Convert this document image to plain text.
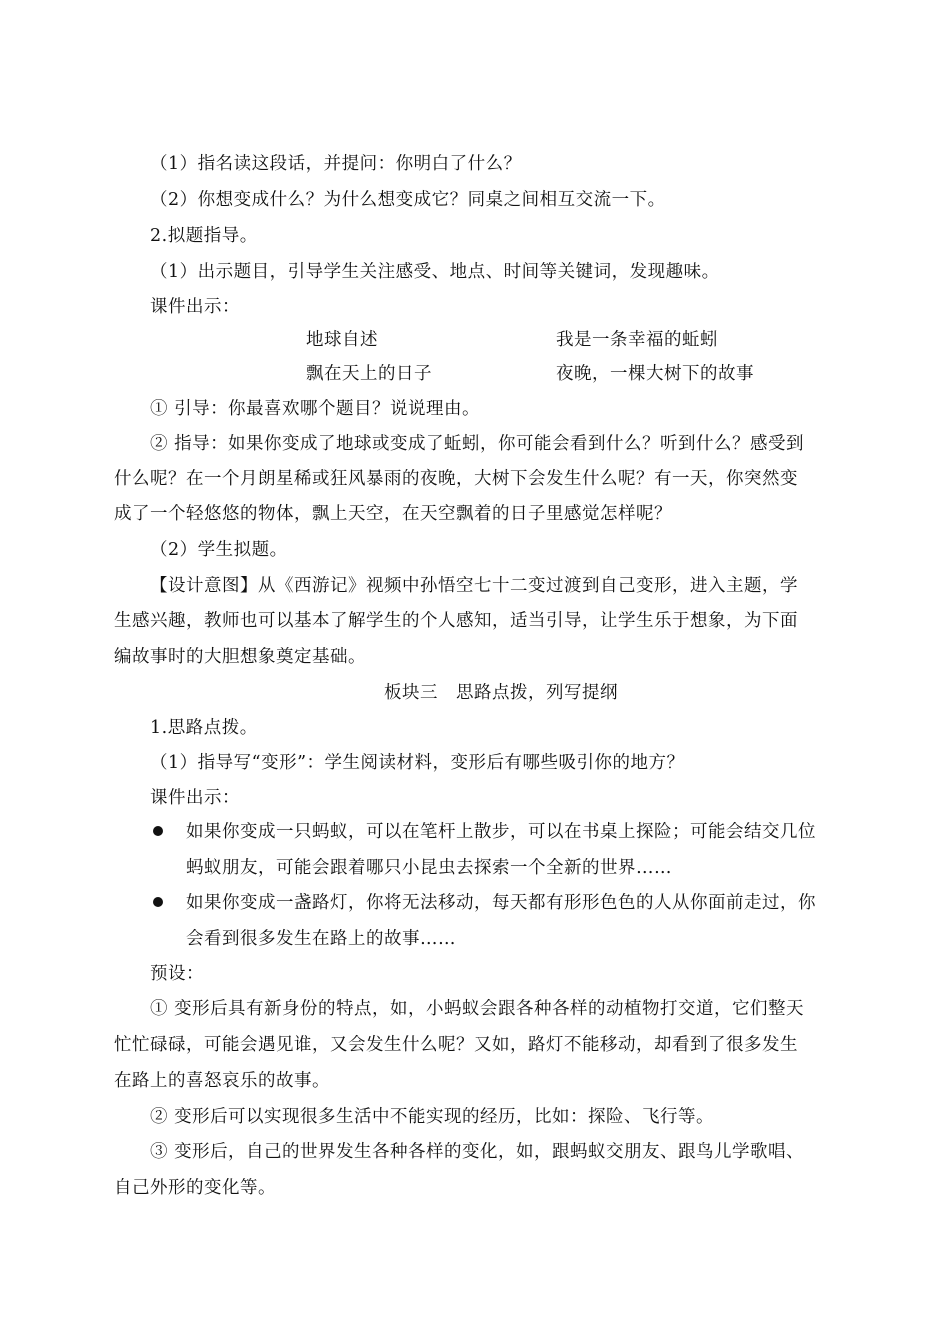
（1）指名读这段话，并提问：你明白了什么？
（2）你想变成什么？为什么想变成它？同桌之间相互交流一下。
2.拟题指导。
（1）出示题目，引导学生关注感受、地点、时间等关键词，发现趣味。
课件出示：
地球自述	我是一条幸福的蚯蚓
飘在天上的日子	夜晚，一棵大树下的故事
① 引导：你最喜欢哪个题目？说说理由。
② 指导：如果你变成了地球或变成了蚯蚓，你可能会看到什么？听到什么？感受到
什么呢？在一个月朗星稀或狂风暴雨的夜晚，大树下会发生什么呢？有一天，你突然变
成了一个轻悠悠的物体，飘上天空，在天空飘着的日子里感觉怎样呢？
（2）学生拟题。
【设计意图】从《西游记》视频中孙悟空七十二变过渡到自己变形，进入主题，学
生感兴趣，教师也可以基本了解学生的个人感知，适当引导，让学生乐于想象，为下面
编故事时的大胆想象奠定基础。
板块三　思路点拨，列写提纲
1.思路点拨。
（1）指导写“变形”：学生阅读材料，变形后有哪些吸引你的地方？
课件出示：
如果你变成一只蚂蚁，可以在笔杆上散步，可以在书桌上探险；可能会结交几位
蚂蚁朋友，可能会跟着哪只小昆虫去探索一个全新的世界……
如果你变成一盏路灯，你将无法移动，每天都有形形色色的人从你面前走过，你
会看到很多发生在路上的故事……
预设：
① 变形后具有新身份的特点，如，小蚂蚁会跟各种各样的动植物打交道，它们整天
忙忙碌碌，可能会遇见谁，又会发生什么呢？又如，路灯不能移动，却看到了很多发生
在路上的喜怒哀乐的故事。
② 变形后可以实现很多生活中不能实现的经历，比如：探险、飞行等。
③ 变形后，自己的世界发生各种各样的变化，如，跟蚂蚁交朋友、跟鸟儿学歌唱、
自己外形的变化等。
